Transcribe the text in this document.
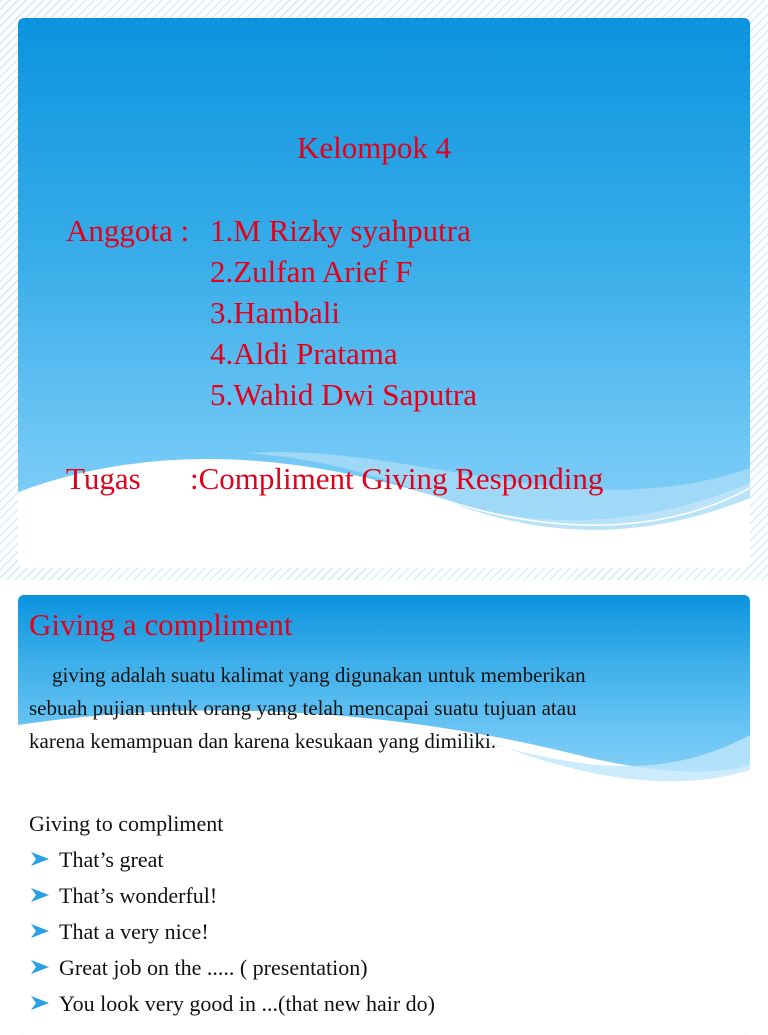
Kelompok 4
Anggota : 1.M Rizky syahputra
2.Zulfan Arief F
3.Hambali
4.Aldi Pratama
5.Wahid Dwi Saputra
Tugas :Compliment Giving Responding
Giving a compliment
giving adalah suatu kalimat yang digunakan untuk memberikan
sebuah pujian untuk orang yang telah mencapai suatu tujuan atau
karena kemampuan dan karena kesukaan yang dimiliki.
Giving to compliment
That’s great
That’s wonderful!
That a very nice!
Great job on the ..... ( presentation)
You look very good in ...(that new hair do)
